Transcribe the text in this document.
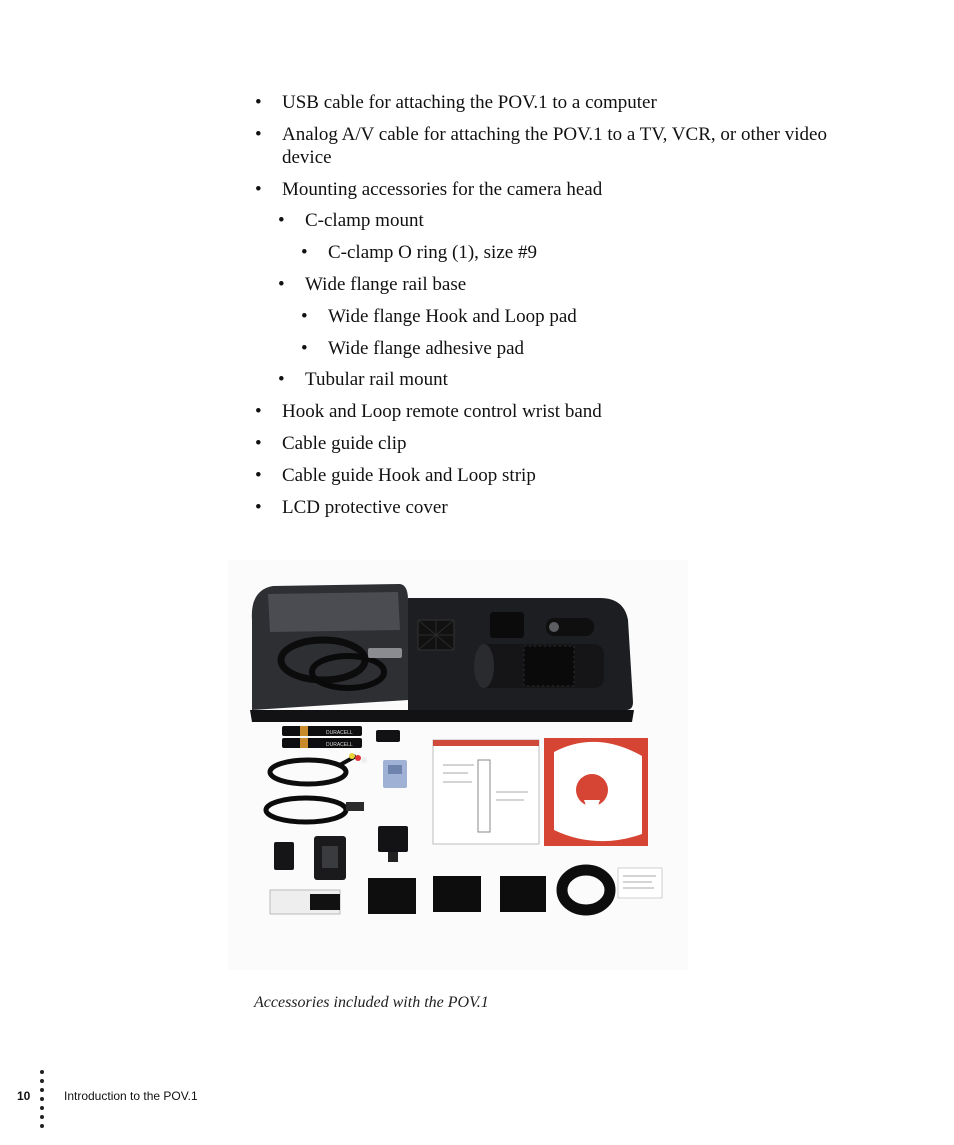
• USB cable for attaching the POV.1 to a computer
• Analog A/V cable for attaching the POV.1 to a TV, VCR, or other video
device
• Mounting accessories for the camera head
• C-clamp mount
• C-clamp O ring (1), size #9
• Wide flange rail base
• Wide flange Hook and Loop pad
• Wide flange adhesive pad
• Tubular rail mount
• Hook and Loop remote control wrist band
• Cable guide clip
• Cable guide Hook and Loop strip
• LCD protective cover
DURACELL
DURACELL
Accessories included with the POV.1
10	Introduction to the POV.1
